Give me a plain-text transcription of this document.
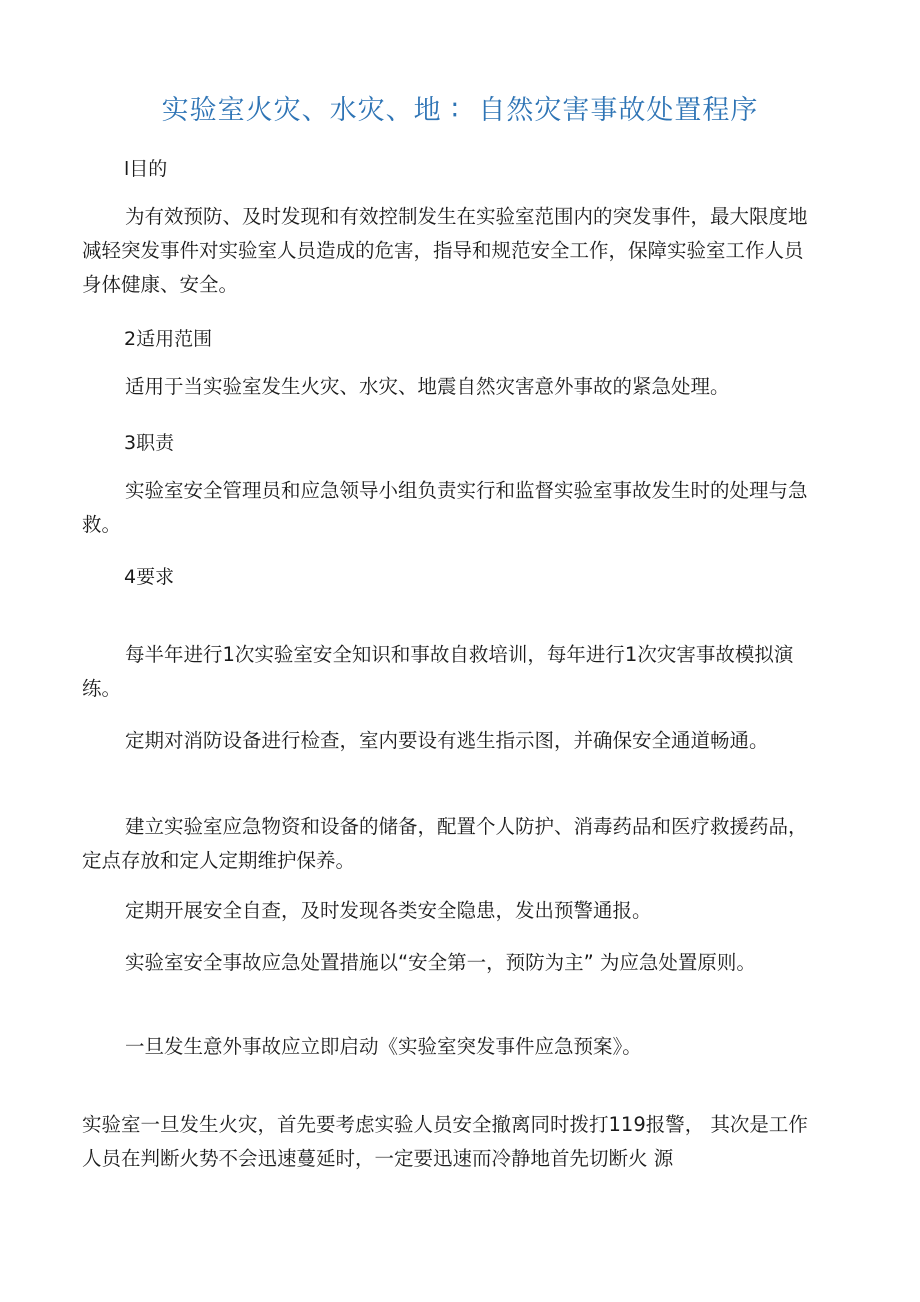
实验室火灾、水灾、地 ∶  自然灾害事故处置程序
l目的

为有效预防、及时发现和有效控制发生在实验室范围内的突发事件，最大限度地减轻突发事件对实验室人员造成的危害，指导和规范安全工作，保障实验室工作人员身体健康、安全。

2适用范围

适用于当实验室发生火灾、水灾、地震自然灾害意外事故的紧急处理。

3职责

实验室安全管理员和应急领导小组负责实行和监督实验室事故发生时的处理与急救。

4要求

每半年进行1次实验室安全知识和事故自救培训，每年进行1次灾害事故模拟演练。

定期对消防设备进行检查，室内要设有逃生指示图，并确保安全通道畅通。

建立实验室应急物资和设备的储备，配置个人防护、消毒药品和医疗救援药品，定点存放和定人定期维护保养。

定期开展安全自查，及时发现各类安全隐患，发出预警通报。

实验室安全事故应急处置措施以“安全第一，预防为主” 为应急处置原则。

一旦发生意外事故应立即启动《实验室突发事件应急预案》。

实验室一旦发生火灾，首先要考虑实验人员安全撤离同时拨打119报警， 其次是工作人员在判断火势不会迅速蔓延时，一定要迅速而冷静地首先切断火 源
